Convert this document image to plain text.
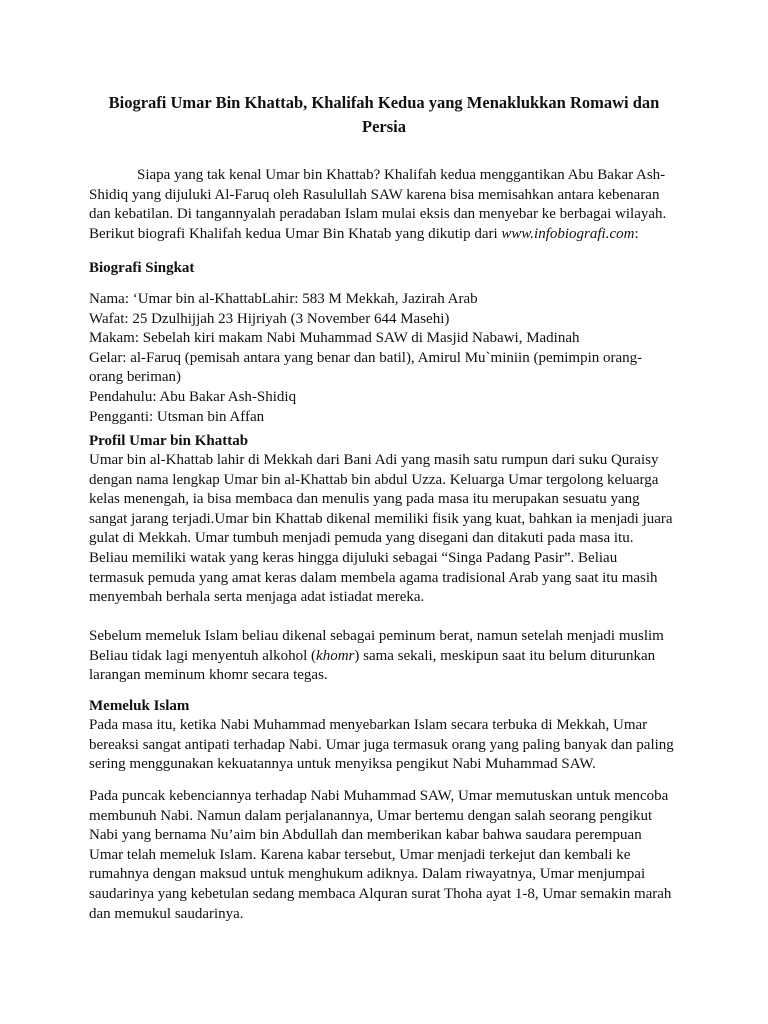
Biografi Umar Bin Khattab, Khalifah Kedua yang Menaklukkan Romawi dan
Persia
Siapa yang tak kenal Umar bin Khattab? Khalifah kedua menggantikan Abu Bakar Ash-
Shidiq yang dijuluki Al-Faruq oleh Rasulullah SAW karena bisa memisahkan antara kebenaran
dan kebatilan. Di tangannyalah peradaban Islam mulai eksis dan menyebar ke berbagai wilayah.
Berikut biografi Khalifah kedua Umar Bin Khatab yang dikutip dari www.infobiografi.com:
Biografi Singkat
Nama: ‘Umar bin al-KhattabLahir: 583 M Mekkah, Jazirah Arab
Wafat: 25 Dzulhijjah 23 Hijriyah (3 November 644 Masehi)
Makam: Sebelah kiri makam Nabi Muhammad SAW di Masjid Nabawi, Madinah
Gelar: al-Faruq (pemisah antara yang benar dan batil), Amirul Mu`miniin (pemimpin orang-
orang beriman)
Pendahulu: Abu Bakar Ash-Shidiq
Pengganti: Utsman bin Affan
Profil Umar bin Khattab
Umar bin al-Khattab lahir di Mekkah dari Bani Adi yang masih satu rumpun dari suku Quraisy
dengan nama lengkap Umar bin al-Khattab bin abdul Uzza. Keluarga Umar tergolong keluarga
kelas menengah, ia bisa membaca dan menulis yang pada masa itu merupakan sesuatu yang
sangat jarang terjadi.Umar bin Khattab dikenal memiliki fisik yang kuat, bahkan ia menjadi juara
gulat di Mekkah. Umar tumbuh menjadi pemuda yang disegani dan ditakuti pada masa itu.
Beliau memiliki watak yang keras hingga dijuluki sebagai “Singa Padang Pasir”. Beliau
termasuk pemuda yang amat keras dalam membela agama tradisional Arab yang saat itu masih
menyembah berhala serta menjaga adat istiadat mereka.
Sebelum memeluk Islam beliau dikenal sebagai peminum berat, namun setelah menjadi muslim
Beliau tidak lagi menyentuh alkohol (khomr) sama sekali, meskipun saat itu belum diturunkan
larangan meminum khomr secara tegas.
Memeluk Islam
Pada masa itu, ketika Nabi Muhammad menyebarkan Islam secara terbuka di Mekkah, Umar
bereaksi sangat antipati terhadap Nabi. Umar juga termasuk orang yang paling banyak dan paling
sering menggunakan kekuatannya untuk menyiksa pengikut Nabi Muhammad SAW.
Pada puncak kebenciannya terhadap Nabi Muhammad SAW, Umar memutuskan untuk mencoba
membunuh Nabi. Namun dalam perjalanannya, Umar bertemu dengan salah seorang pengikut
Nabi yang bernama Nu’aim bin Abdullah dan memberikan kabar bahwa saudara perempuan
Umar telah memeluk Islam. Karena kabar tersebut, Umar menjadi terkejut dan kembali ke
rumahnya dengan maksud untuk menghukum adiknya. Dalam riwayatnya, Umar menjumpai
saudarinya yang kebetulan sedang membaca Alquran surat Thoha ayat 1-8, Umar semakin marah
dan memukul saudarinya.
